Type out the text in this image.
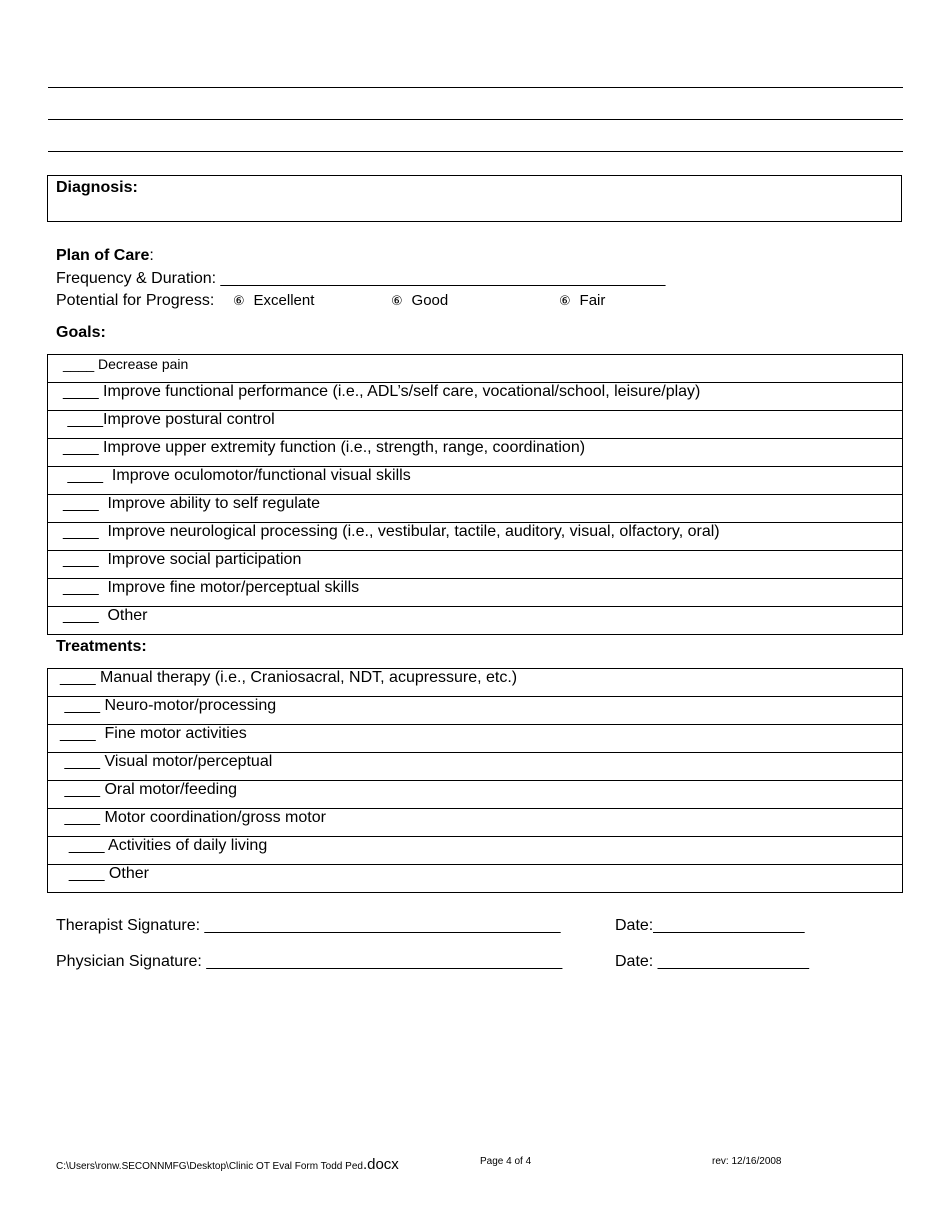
Diagnosis:
Plan of Care:
Frequency & Duration: __________________________________________________
Potential for Progress: ⑥ Excellent	⑥ Good	⑥ Fair
Goals:
____ Decrease pain
____ Improve functional performance (i.e., ADL’s/self care, vocational/school, leisure/play)
____Improve postural control
____ Improve upper extremity function (i.e., strength, range, coordination)
____  Improve oculomotor/functional visual skills
____  Improve ability to self regulate
____  Improve neurological processing (i.e., vestibular, tactile, auditory, visual, olfactory, oral)
____  Improve social participation
____  Improve fine motor/perceptual skills
____  Other
Treatments:
____ Manual therapy (i.e., Craniosacral, NDT, acupressure, etc.)
____ Neuro-motor/processing
____  Fine motor activities
____ Visual motor/perceptual
____ Oral motor/feeding
____ Motor coordination/gross motor
____ Activities of daily living
____ Other
Therapist Signature: ________________________________________	Date:_________________
Physician Signature: ________________________________________	Date: _________________
C:\Users\ronw.SECONNMFG\Desktop\Clinic OT Eval Form Todd Ped.docx	Page 4 of 4	rev: 12/16/2008
